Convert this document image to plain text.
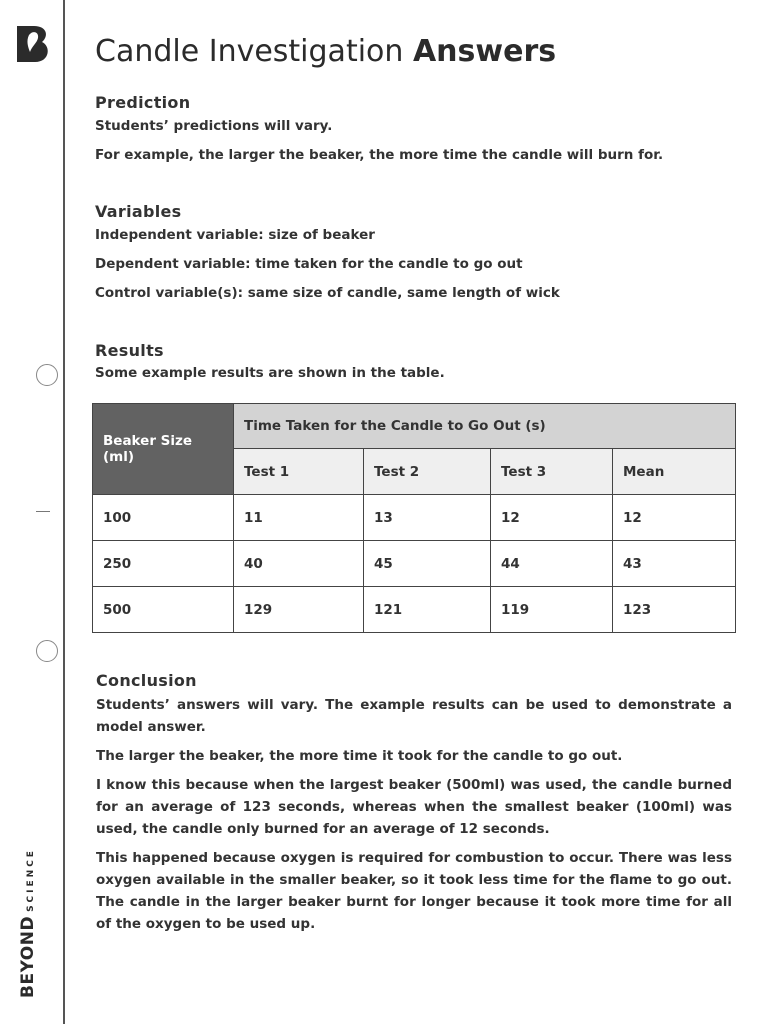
BEYONDSCIENCE
Candle Investigation Answers
Prediction

Students’ predictions will vary.

For example, the larger the beaker, the more time the candle will burn for.

Variables

Independent variable: size of beaker

Dependent variable: time taken for the candle to go out

Control variable(s): same size of candle, same length of wick

Results

Some example results are shown in the table.

Beaker Size (ml)	Time Taken for the Candle to Go Out (s)			
	Test 1	Test 2	Test 3	Mean
100	11	13	12	12
250	40	45	44	43
500	129	121	119	123
Conclusion

Students’ answers will vary. The example results can be used to demonstrate a model answer.

The larger the beaker, the more time it took for the candle to go out.

I know this because when the largest beaker (500ml) was used, the candle burned for an average of 123 seconds, whereas when the smallest beaker (100ml) was used, the candle only burned for an average of 12 seconds.

This happened because oxygen is required for combustion to occur. There was less oxygen available in the smaller beaker, so it took less time for the flame to go out. The candle in the larger beaker burnt for longer because it took more time for all of the oxygen to be used up.
